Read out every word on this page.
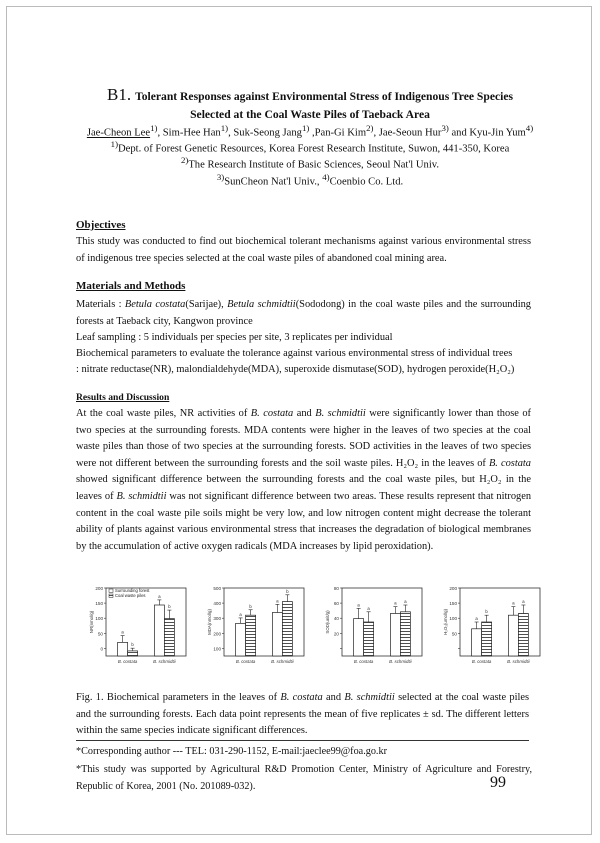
B1. Tolerant Responses against Environmental Stress of Indigenous Tree Species
Selected at the Coal Waste Piles of Taeback Area
Jae-Cheon Lee$^{1)}$, Sim-Hee Han$^{1)}$, Suk-Seong Jang$^{1)}$ ,Pan-Gi Kim$^{2)}$, Jae-Seoun Hur$^{3)}$ and Kyu-Jin Yum$^{4)}$
$^{1)}$Dept. of Forest Genetic Resources, Korea Forest Research Institute, Suwon, 441-350, Korea
$^{2)}$The Research Institute of Basic Sciences, Seoul Nat'l Univ.
$^{3)}$SunCheon Nat'l Univ., $^{4)}$Coenbio Co. Ltd.
Objectives
This study was conducted to find out biochemical tolerant mechanisms against various environmental stress of indigenous tree species selected at the coal waste piles of abandoned coal mining area.
Materials and Methods
Materials : Betula costata(Sarijae), Betula schmidtii(Sododong) in the coal waste piles and the surrounding forests at Taeback city, Kangwon province
Leaf sampling : 5 individuals per species per site, 3 replicates per individual
Biochemical parameters to evaluate the tolerance against various environmental stress of individual trees
: nitrate reductase(NR), malondialdehyde(MDA), superoxide dismutase(SOD), hydrogen peroxide(H₂O₂)
Results and Discussion
At the coal waste piles, NR activities of B. costata and B. schmidtii were significantly lower than those of two species at the surrounding forests. MDA contents were higher in the leaves of two species at the coal waste piles than those of two species at the surrounding forests. SOD activities in the leaves of two species were not different between the surrounding forests and the soil waste piles. H₂O₂ in the leaves of B. costata showed significant difference between the surrounding forests and the coal waste piles, but H₂O₂ in the leaves of B. schmidtii was not significant difference between two areas. These results represent that nitrogen content in the coal waste pile soils might be very low, and low nitrogen content might decrease the tolerant ability of plants against various environmental stress that increases the degradation of biological membranes by the accumulation of active oxygen radicals (MDA increases by lipid peroxidation).
200
150
100
50
0
NR(nmol/g)	a
b
B. costata
a
b
B. schmidtii
Surrounding forest
Coal waste piles
500
400
300
200
100
MDA(nmol/g)	a
b
B. costata
a
b
B. schmidtii
80
60
40
20
SOD(unit/g)
a
a
B. costata
a a
B. schmidtii
200
150
100
50
H₂O₂(umol/g)	a
b
B. costata
a a
B. schmidtii
Fig. 1. Biochemical parameters in the leaves of B. costata and B. schmidtii selected at the coal waste piles and the surrounding forests. Each data point represents the mean of five replicates ± sd. The different letters within the same species indicate significant differences.
*Corresponding author --- TEL: 031-290-1152, E-mail:jaeclee99@foa.go.kr
*This study was supported by Agricultural R&D Promotion Center, Ministry of Agriculture and Forestry, Republic of Korea, 2001 (No. 201089-032).	99
